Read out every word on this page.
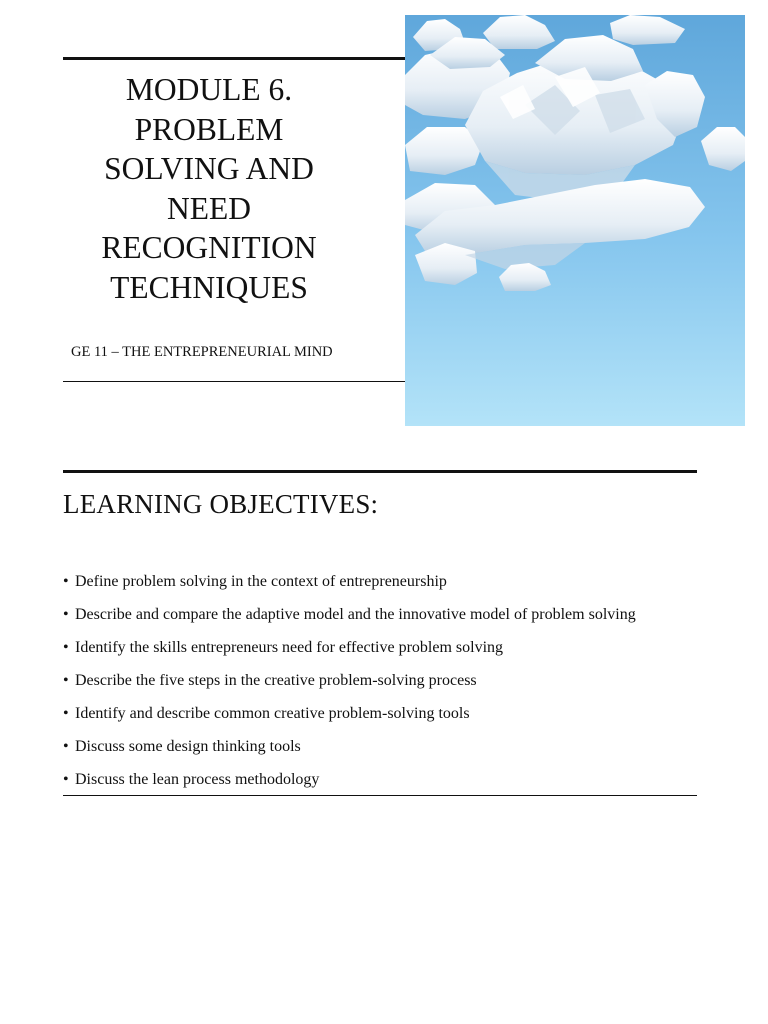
MODULE 6.
PROBLEM
SOLVING AND
NEED
RECOGNITION
TECHNIQUES

GE 11 – THE ENTREPRENEURIAL MIND

LEARNING OBJECTIVES:
• Define problem solving in the context of entrepreneurship
• Describe and compare the adaptive model and the innovative model of problem solving
• Identify the skills entrepreneurs need for effective problem solving
• Describe the five steps in the creative problem-solving process
• Identify and describe common creative problem-solving tools
• Discuss some design thinking tools
• Discuss the lean process methodology
